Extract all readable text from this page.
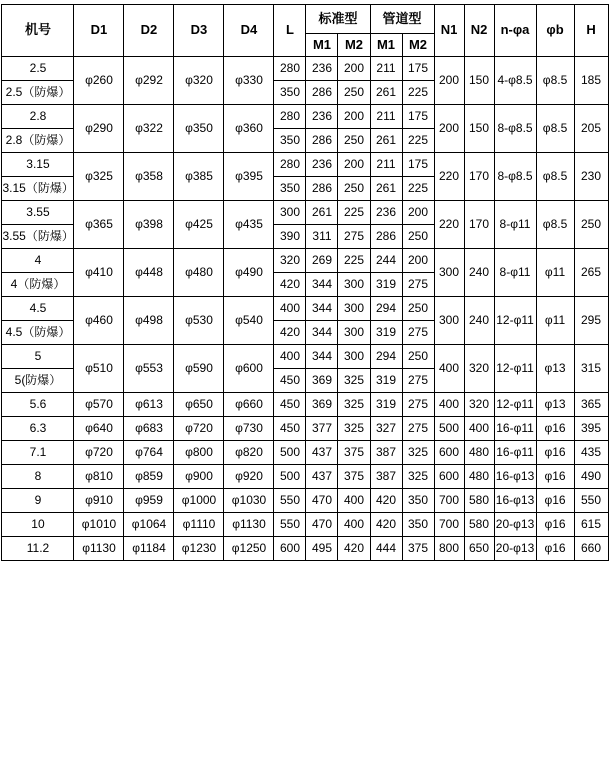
机号	D1	D2	D3	D4	L	标准型		管道型		N1	N2	n-φa	φb	H
						M1	M2	M1	M2					
2.5	φ260	φ292	φ320	φ330	280	236	200	211	175	200	150	4-φ8.5	φ8.5	185
2.5（防爆）					350	286	250	261	225					
2.8	φ290	φ322	φ350	φ360	280	236	200	211	175	200	150	8-φ8.5	φ8.5	205
2.8（防爆）					350	286	250	261	225					
3.15	φ325	φ358	φ385	φ395	280	236	200	211	175	220	170	8-φ8.5	φ8.5	230
3.15（防爆）					350	286	250	261	225					
3.55	φ365	φ398	φ425	φ435	300	261	225	236	200	220	170	8-φ11	φ8.5	250
3.55（防爆）					390	311	275	286	250					
4	φ410	φ448	φ480	φ490	320	269	225	244	200	300	240	8-φ11	φ11	265
4（防爆）					420	344	300	319	275					
4.5	φ460	φ498	φ530	φ540	400	344	300	294	250	300	240	12-φ11	φ11	295
4.5（防爆）					420	344	300	319	275					
5	φ510	φ553	φ590	φ600	400	344	300	294	250	400	320	12-φ11	φ13	315
5(防爆）					450	369	325	319	275					
5.6	φ570	φ613	φ650	φ660	450	369	325	319	275	400	320	12-φ11	φ13	365
6.3	φ640	φ683	φ720	φ730	450	377	325	327	275	500	400	16-φ11	φ16	395
7.1	φ720	φ764	φ800	φ820	500	437	375	387	325	600	480	16-φ11	φ16	435
8	φ810	φ859	φ900	φ920	500	437	375	387	325	600	480	16-φ13	φ16	490
9	φ910	φ959	φ1000	φ1030	550	470	400	420	350	700	580	16-φ13	φ16	550
10	φ1010	φ1064	φ1110	φ1130	550	470	400	420	350	700	580	20-φ13	φ16	615
11.2	φ1130	φ1184	φ1230	φ1250	600	495	420	444	375	800	650	20-φ13	φ16	660
